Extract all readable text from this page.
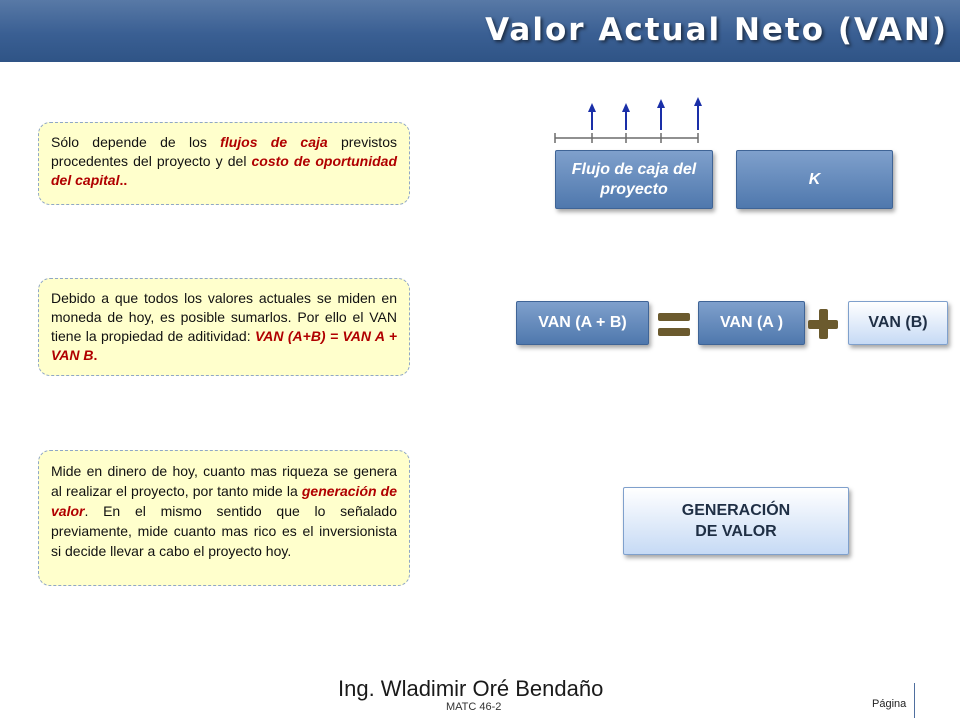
Valor Actual Neto (VAN)
Sólo depende de los flujos de caja previstos procedentes del proyecto y del costo de oportunidad del capital..
Debido a que todos los valores actuales se miden en moneda de hoy, es posible sumarlos. Por ello el VAN tiene la propiedad de aditividad: VAN (A+B) = VAN A + VAN B.
Mide en dinero de hoy, cuanto mas riqueza se genera al realizar el proyecto, por tanto mide la generación de valor. En el mismo sentido que lo señalado previamente, mide cuanto mas rico es el inversionista si decide llevar a cabo el proyecto hoy.
Flujo de caja del proyecto
K
VAN (A + B)	VAN (A )	VAN (B)
GENERACIÓN
DE VALOR
Ing. Wladimir Oré Bendaño
MATC 46-2	Página
